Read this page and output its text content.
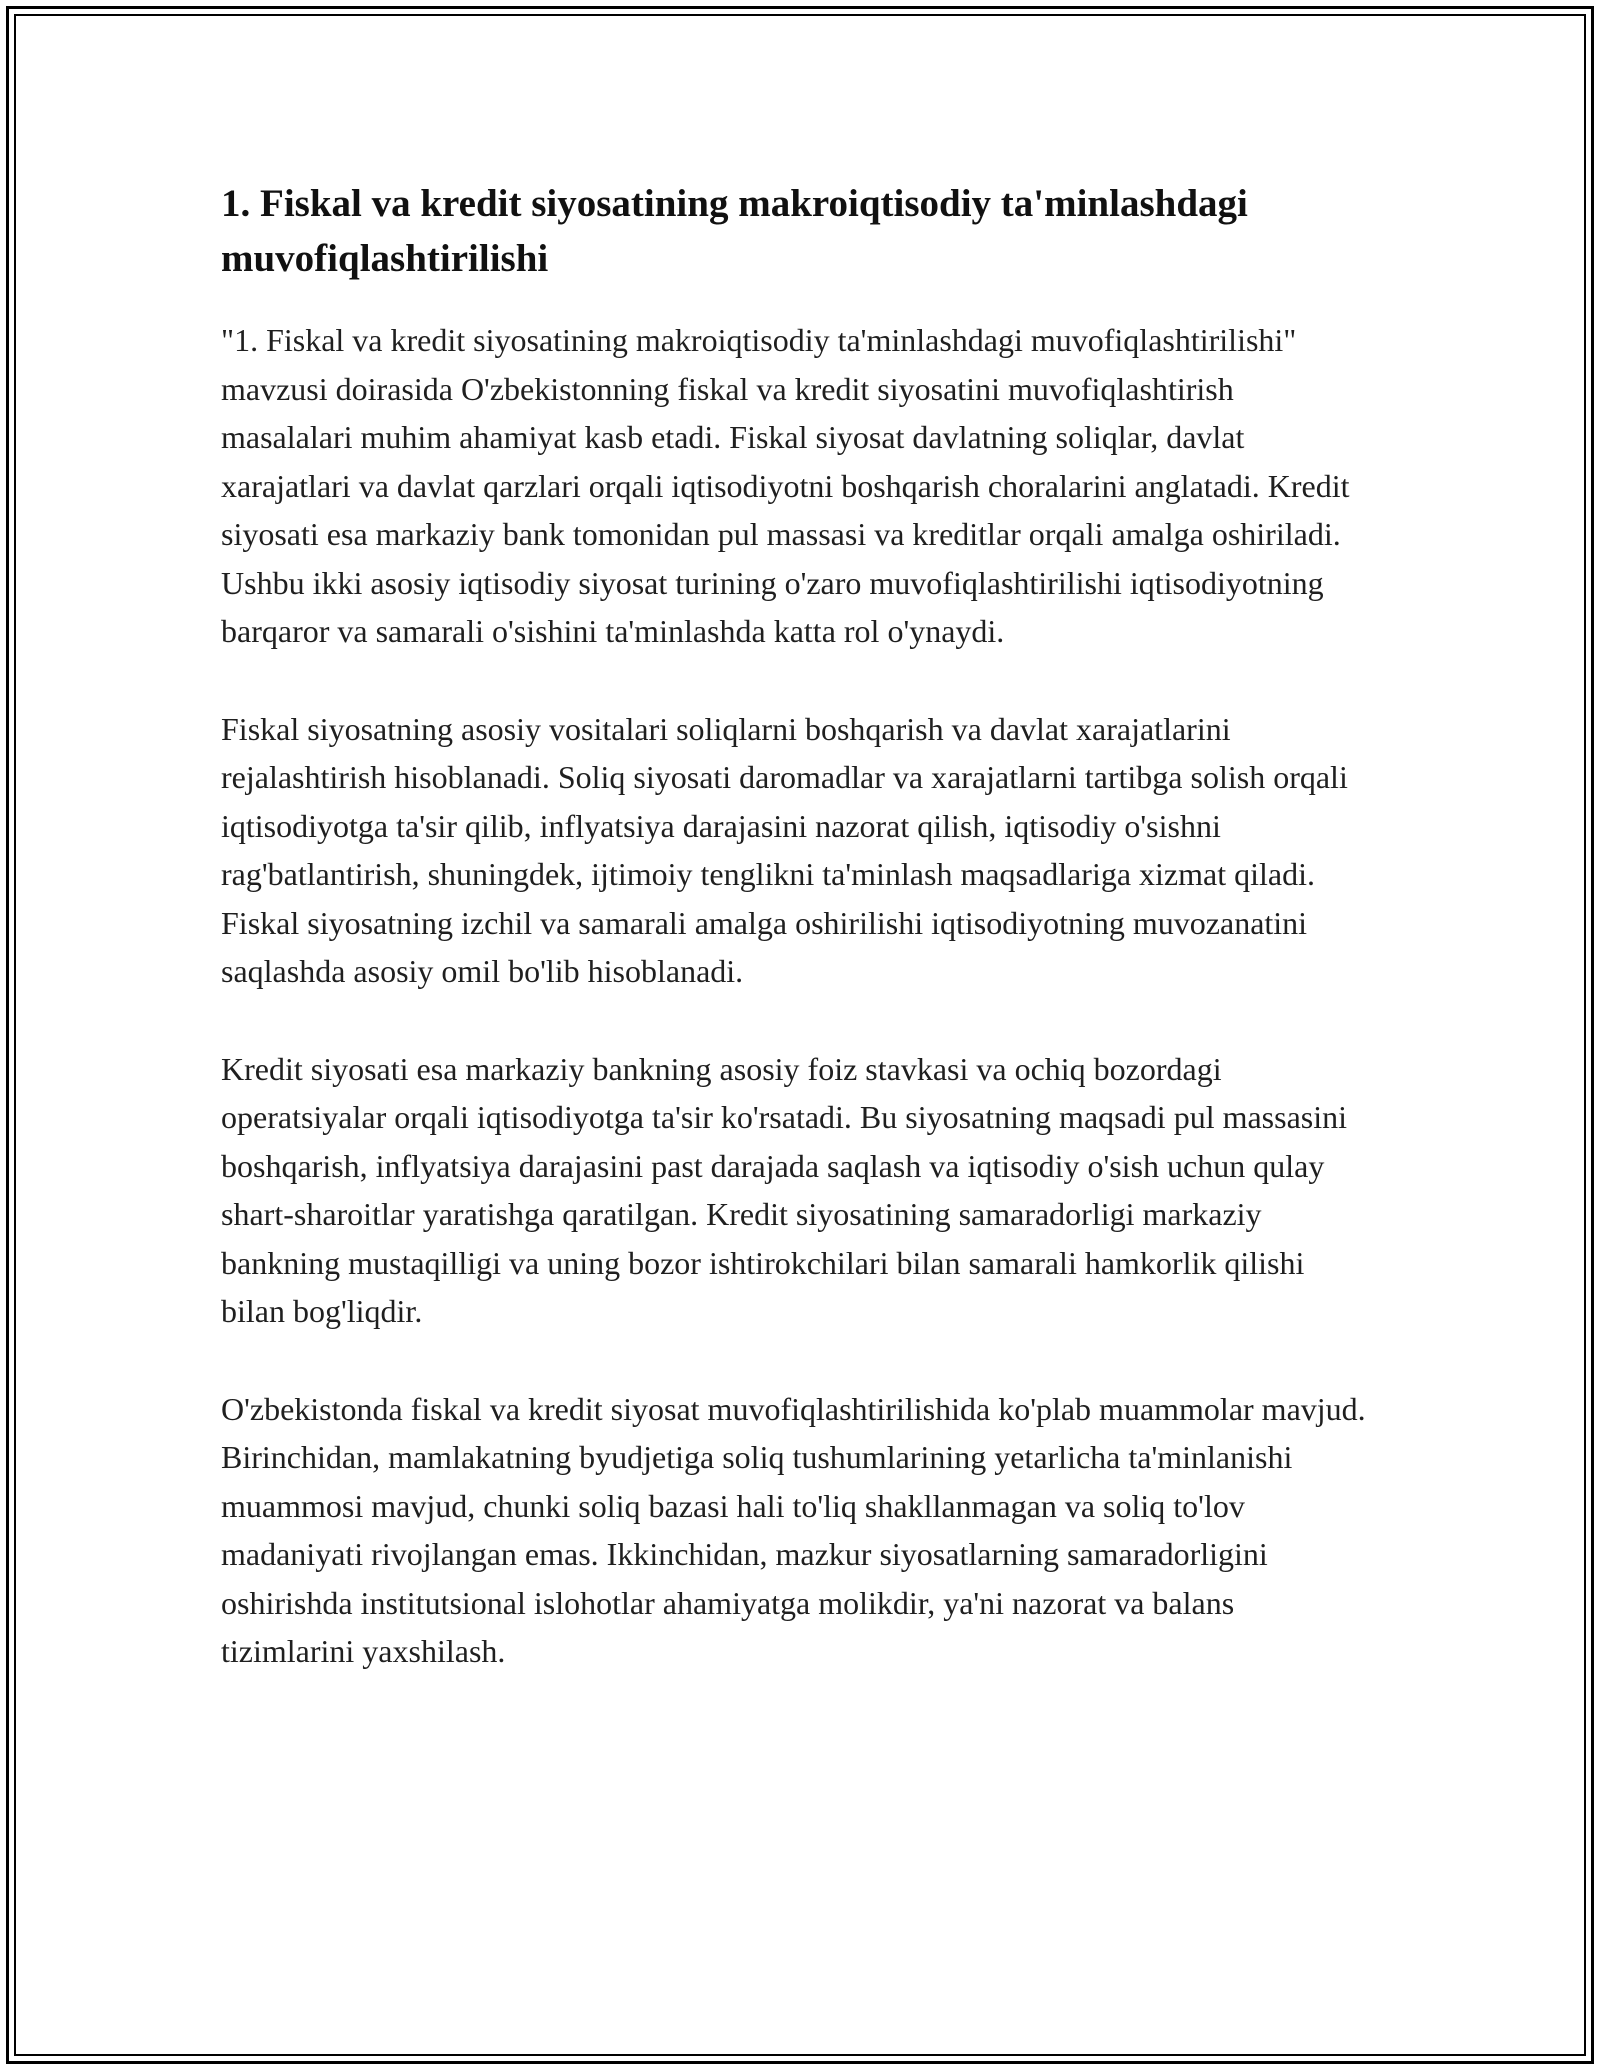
1. Fiskal va kredit siyosatining makroiqtisodiy ta'minlashdagi muvofiqlashtirilishi

"1. Fiskal va kredit siyosatining makroiqtisodiy ta'minlashdagi muvofiqlashtirilishi" mavzusi doirasida O'zbekistonning fiskal va kredit siyosatini muvofiqlashtirish masalalari muhim ahamiyat kasb etadi. Fiskal siyosat davlatning soliqlar, davlat xarajatlari va davlat qarzlari orqali iqtisodiyotni boshqarish choralarini anglatadi. Kredit siyosati esa markaziy bank tomonidan pul massasi va kreditlar orqali amalga oshiriladi. Ushbu ikki asosiy iqtisodiy siyosat turining o'zaro muvofiqlashtirilishi iqtisodiyotning barqaror va samarali o'sishini ta'minlashda katta rol o'ynaydi.

Fiskal siyosatning asosiy vositalari soliqlarni boshqarish va davlat xarajatlarini rejalashtirish hisoblanadi. Soliq siyosati daromadlar va xarajatlarni tartibga solish orqali iqtisodiyotga ta'sir qilib, inflyatsiya darajasini nazorat qilish, iqtisodiy o'sishni rag'batlantirish, shuningdek, ijtimoiy tenglikni ta'minlash maqsadlariga xizmat qiladi. Fiskal siyosatning izchil va samarali amalga oshirilishi iqtisodiyotning muvozanatini saqlashda asosiy omil bo'lib hisoblanadi.

Kredit siyosati esa markaziy bankning asosiy foiz stavkasi va ochiq bozordagi operatsiyalar orqali iqtisodiyotga ta'sir ko'rsatadi. Bu siyosatning maqsadi pul massasini boshqarish, inflyatsiya darajasini past darajada saqlash va iqtisodiy o'sish uchun qulay shart-sharoitlar yaratishga qaratilgan. Kredit siyosatining samaradorligi markaziy bankning mustaqilligi va uning bozor ishtirokchilari bilan samarali hamkorlik qilishi bilan bog'liqdir.

O'zbekistonda fiskal va kredit siyosat muvofiqlashtirilishida ko'plab muammolar mavjud. Birinchidan, mamlakatning byudjetiga soliq tushumlarining yetarlicha ta'minlanishi muammosi mavjud, chunki soliq bazasi hali to'liq shakllanmagan va soliq to'lov madaniyati rivojlangan emas. Ikkinchidan, mazkur siyosatlarning samaradorligini oshirishda institutsional islohotlar ahamiyatga molikdir, ya'ni nazorat va balans tizimlarini yaxshilash.
